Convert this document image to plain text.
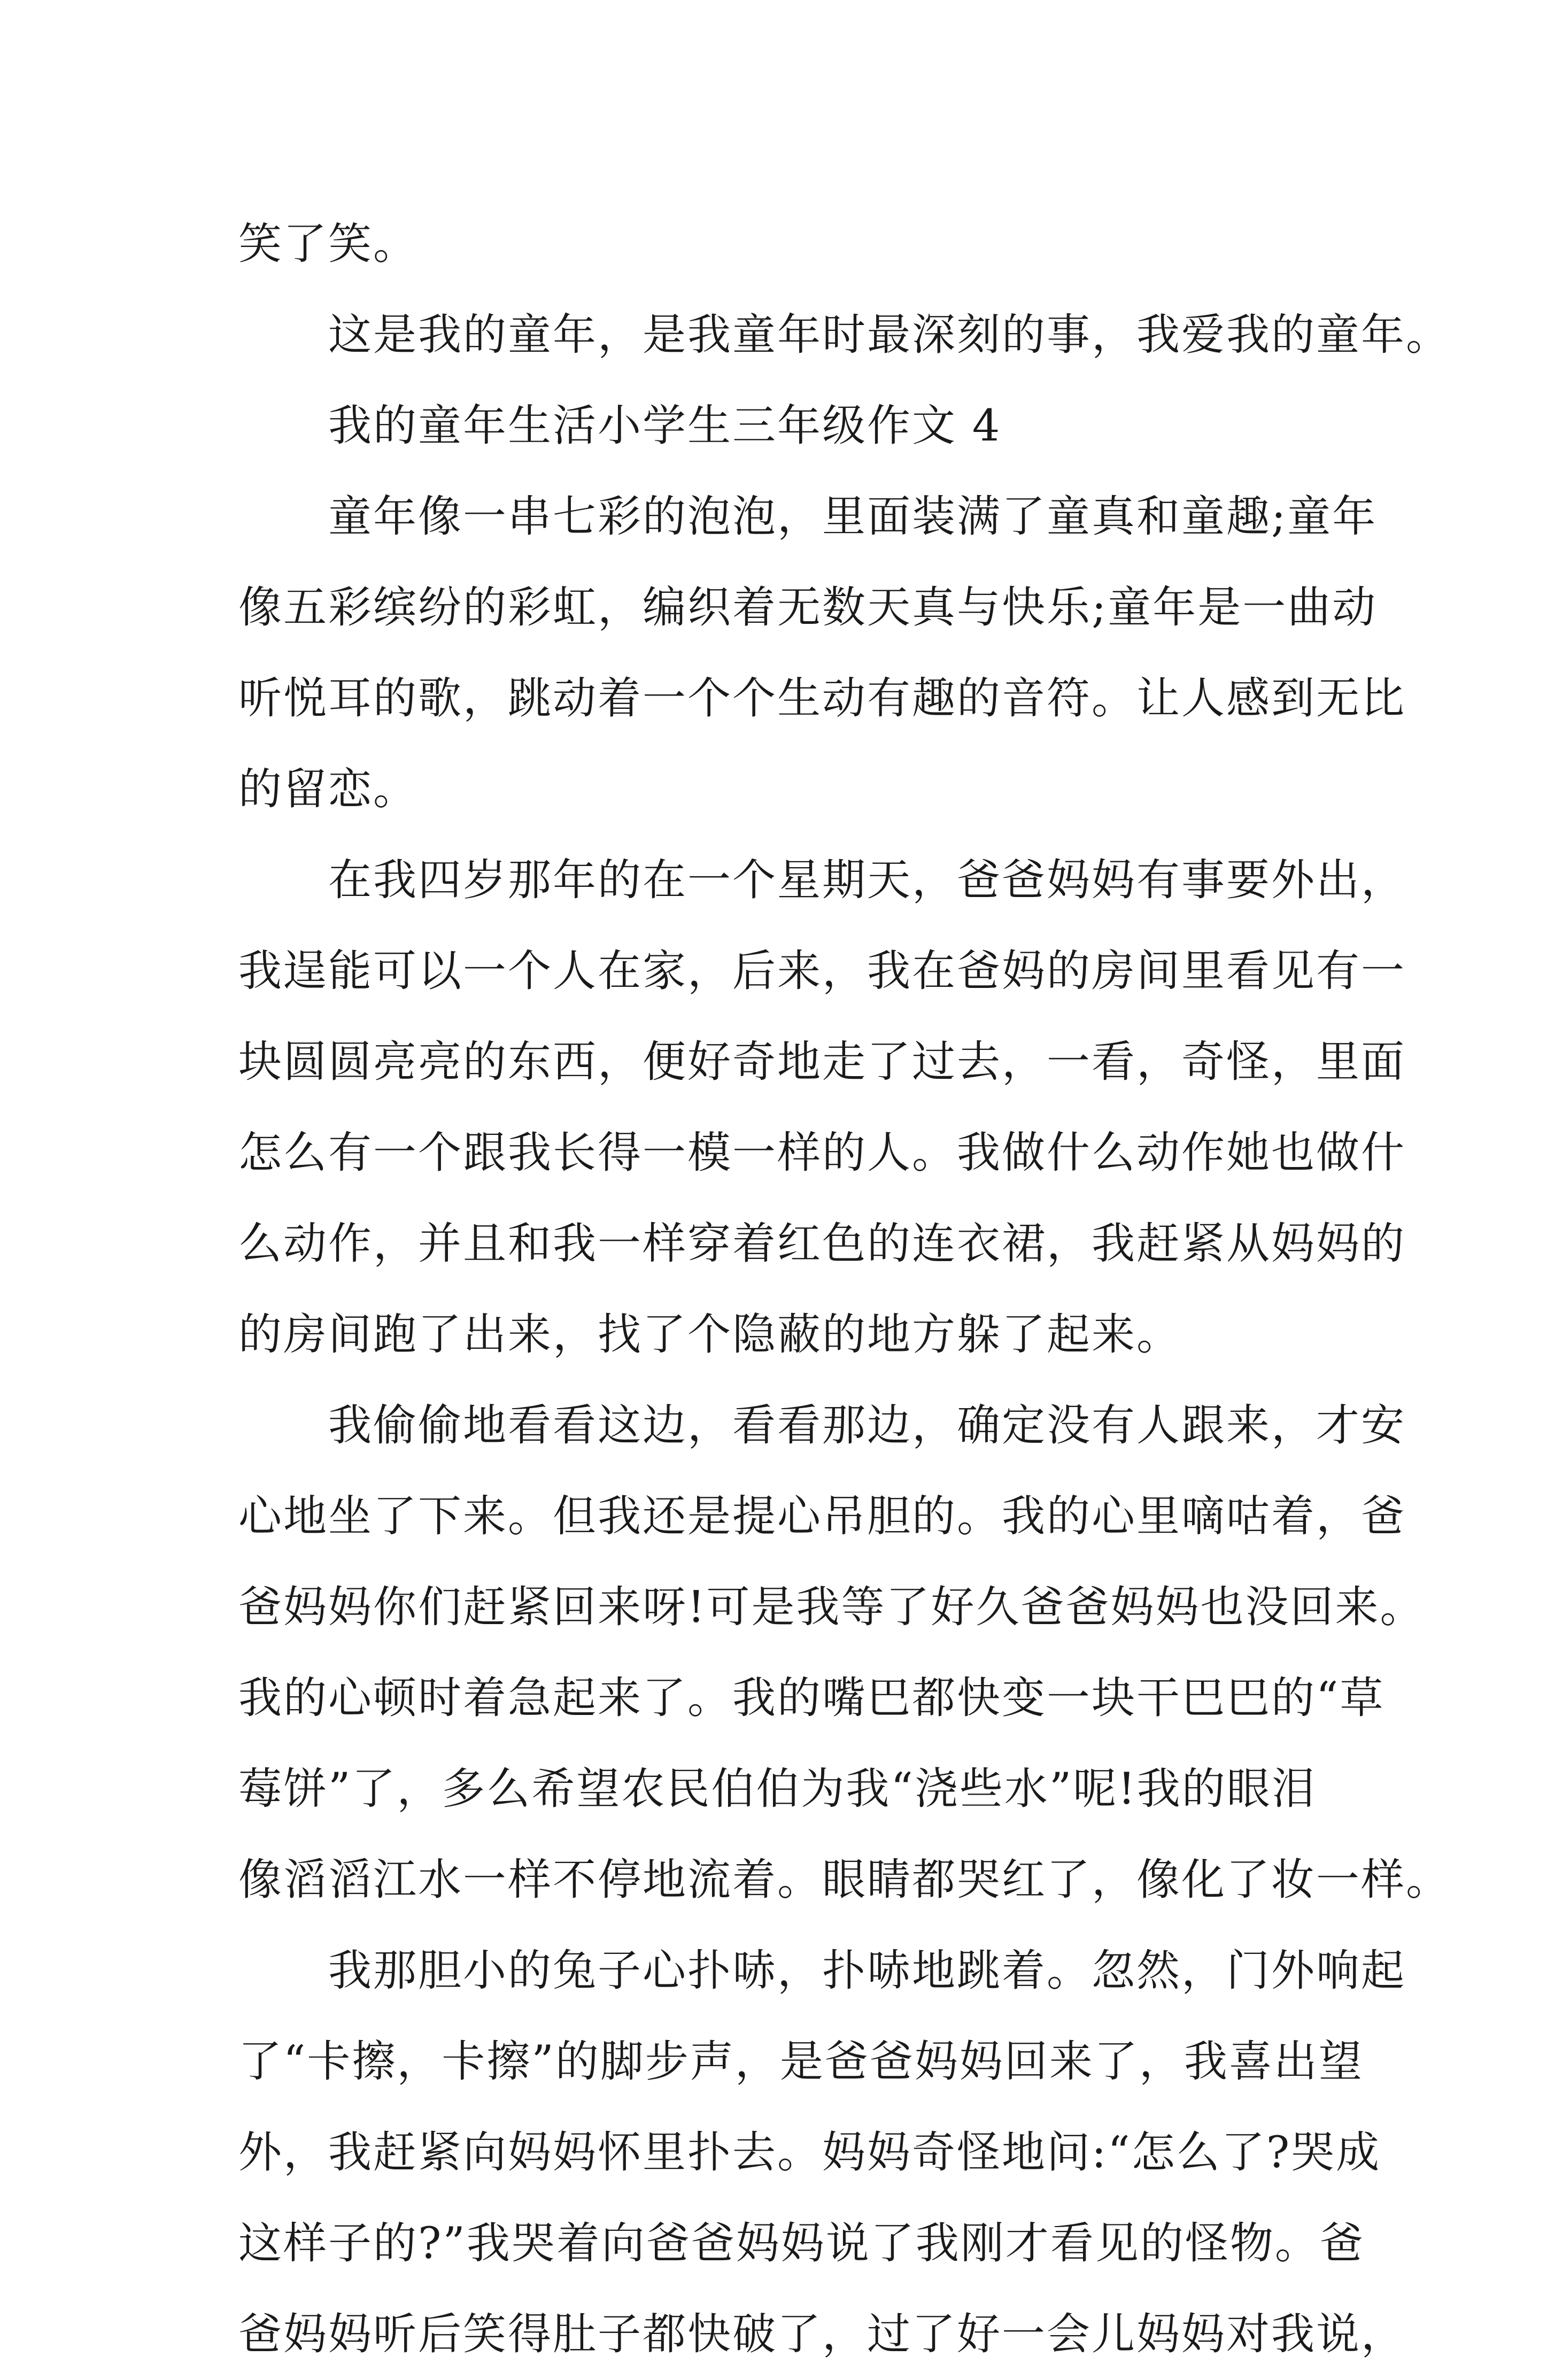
笑了笑。
这是我的童年，是我童年时最深刻的事，我爱我的童年。
我的童年生活小学生三年级作文 4
童年像一串七彩的泡泡，里面装满了童真和童趣;童年
像五彩缤纷的彩虹，编织着无数天真与快乐;童年是一曲动
听悦耳的歌，跳动着一个个生动有趣的音符。让人感到无比
的留恋。
在我四岁那年的在一个星期天，爸爸妈妈有事要外出，
我逞能可以一个人在家，后来，我在爸妈的房间里看见有一
块圆圆亮亮的东西，便好奇地走了过去，一看，奇怪，里面
怎么有一个跟我长得一模一样的人。我做什么动作她也做什
么动作，并且和我一样穿着红色的连衣裙，我赶紧从妈妈的
的房间跑了出来，找了个隐蔽的地方躲了起来。
我偷偷地看看这边，看看那边，确定没有人跟来，才安
心地坐了下来。但我还是提心吊胆的。我的心里嘀咕着，爸
爸妈妈你们赶紧回来呀!可是我等了好久爸爸妈妈也没回来。
我的心顿时着急起来了。我的嘴巴都快变一块干巴巴的“草
莓饼”了，多么希望农民伯伯为我“浇些水”呢!我的眼泪
像滔滔江水一样不停地流着。眼睛都哭红了，像化了妆一样。
我那胆小的兔子心扑哧，扑哧地跳着。忽然，门外响起
了“卡擦，卡擦”的脚步声，是爸爸妈妈回来了，我喜出望
外，我赶紧向妈妈怀里扑去。妈妈奇怪地问:“怎么了?哭成
这样子的?”我哭着向爸爸妈妈说了我刚才看见的怪物。爸
爸妈妈听后笑得肚子都快破了，过了好一会儿妈妈对我说，
